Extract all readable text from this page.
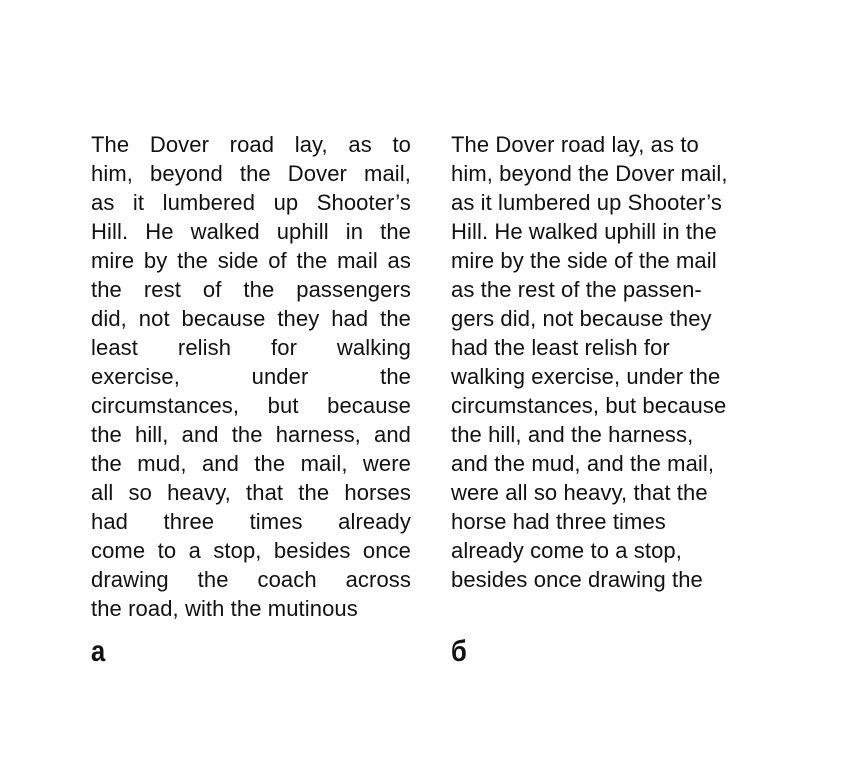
The Dover road lay, as to
him, beyond the Dover mail,
as it lumbered up Shooter’s
Hill. He walked uphill in the
mire by the side of the mail as
the rest of the passengers
did, not because they had the
least relish for walking
exercise, under the
circumstances, but because
the hill, and the harness, and
the mud, and the mail, were
all so heavy, that the horses
had three times already
come to a stop, besides once
drawing the coach across
the road, with the mutinous
The Dover road lay, as to
him, beyond the Dover mail,
as it lumbered up Shooter’s
Hill. He walked uphill in the
mire by the side of the mail
as the rest of the passen-
gers did, not because they
had the least relish for
walking exercise, under the
circumstances, but because
the hill, and the harness,
and the mud, and the mail,
were all so heavy, that the
horse had three times
already come to a stop,
besides once drawing the
а	б
